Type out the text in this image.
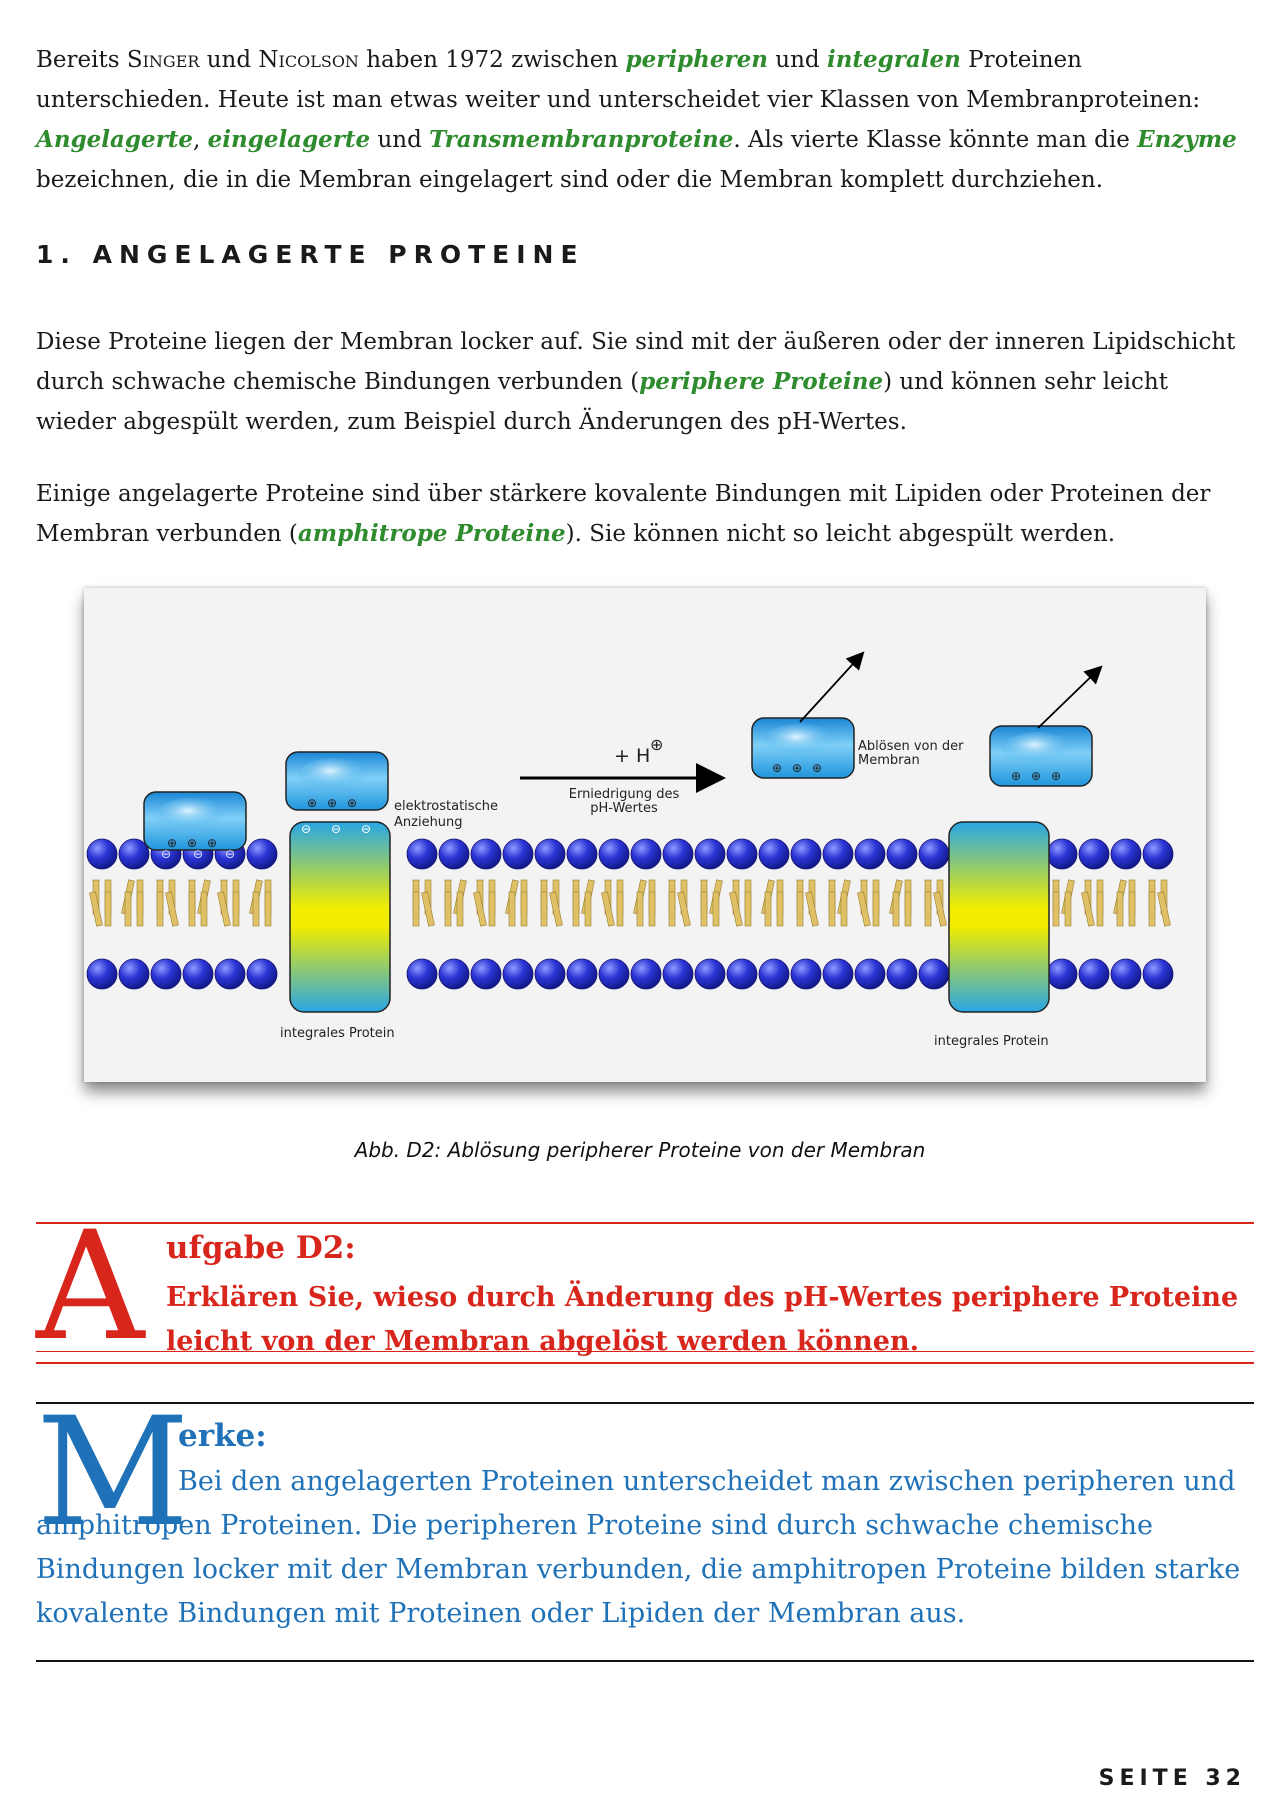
Bereits Singer und Nicolson haben 1972 zwischen peripheren und integralen Proteinen unterschieden. Heute ist man etwas weiter und unterscheidet vier Klassen von Membranproteinen: Angelagerte, eingelagerte und Transmembranproteine. Als vierte Klasse könnte man die Enzyme bezeichnen, die in die Membran eingelagert sind oder die Membran komplett durchziehen.

1. ANGELAGERTE PROTEINE

Diese Proteine liegen der Membran locker auf. Sie sind mit der äußeren oder der inneren Lipidschicht durch schwache chemische Bindungen verbunden (periphere Proteine) und können sehr leicht wieder abgespült werden, zum Beispiel durch Änderungen des pH-Wertes.

Einige angelagerte Proteine sind über stärkere kovalente Bindungen mit Lipiden oder Proteinen der Membran verbunden (amphitrope Proteine). Sie können nicht so leicht abgespült werden.

⊕ ⊕ ⊕
⊕ ⊕ ⊕
⊖ ⊖ ⊖
⊖ ⊖ ⊖
⊕ ⊕ ⊕
⊕ ⊕ ⊕
elektrostatische
Anziehung
+ H
⊕
Erniedrigung des
pH-Wertes
Ablösen von der
Membran
integrales Protein
integrales Protein
Abb. D2: Ablösung peripherer Proteine von der Membran
A ufgabe D2:

Erklären Sie, wieso durch Änderung des pH-Wertes periphere Proteine leicht von der Membran abgelöst werden können.

M
erke:

Bei den angelagerten Proteinen unterscheidet man zwischen peripheren und amphitropen Proteinen. Die peripheren Proteine sind durch schwache chemische Bindungen locker mit der Membran verbunden, die amphitropen Proteine bilden starke kovalente Bindungen mit Proteinen oder Lipiden der Membran aus.

SEITE 32
